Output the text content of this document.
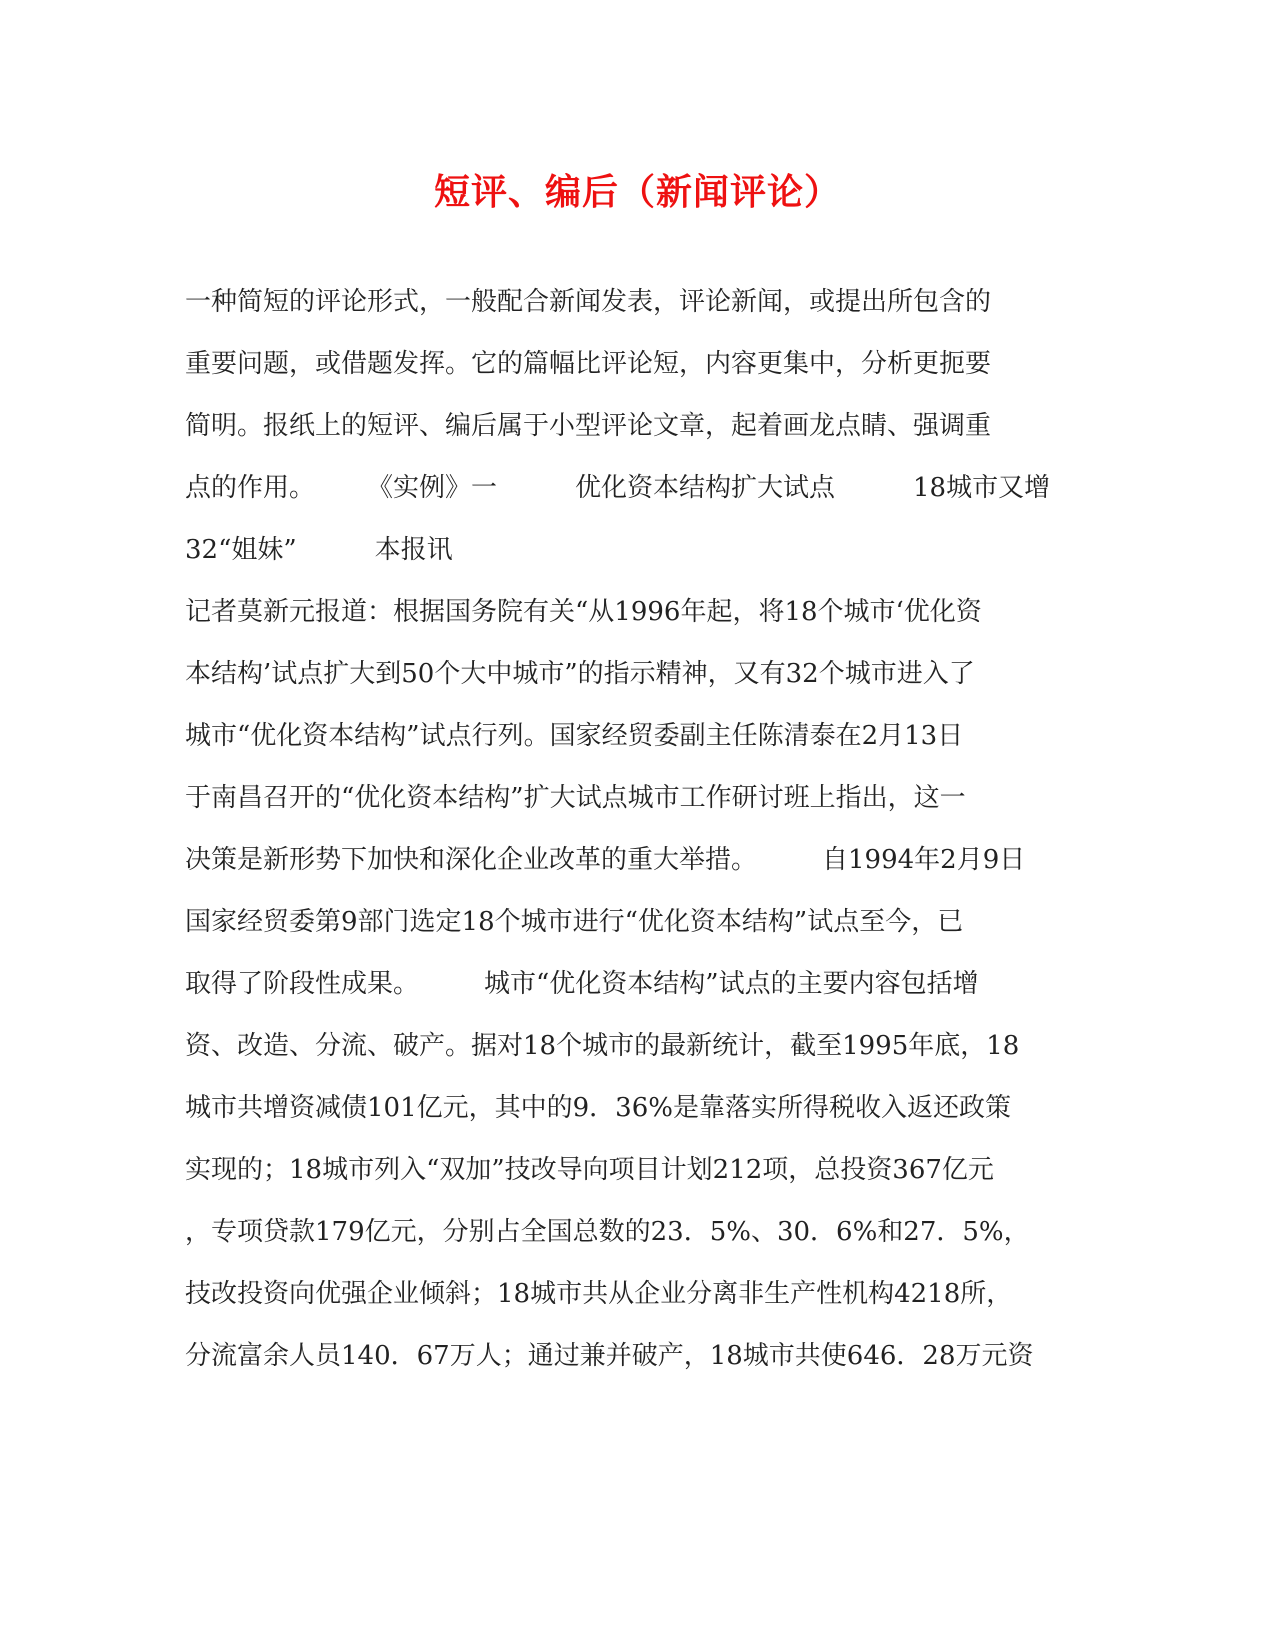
短评、编后（新闻评论）
一种简短的评论形式，一般配合新闻发表，评论新闻，或提出所包含的
重要问题，或借题发挥。它的篇幅比评论短，内容更集中，分析更扼要
简明。报纸上的短评、编后属于小型评论文章，起着画龙点睛、强调重
点的作用。　　　《实例》一　　　优化资本结构扩大试点　　　18城市又增
32“姐妹”　　　本报讯
记者莫新元报道：根据国务院有关“从1996年起，将18个城市‘优化资
本结构’试点扩大到50个大中城市”的指示精神，又有32个城市进入了
城市“优化资本结构”试点行列。国家经贸委副主任陈清泰在2月13日
于南昌召开的“优化资本结构”扩大试点城市工作研讨班上指出，这一
决策是新形势下加快和深化企业改革的重大举措。　　　自1994年2月9日
国家经贸委第9部门选定18个城市进行“优化资本结构”试点至今，已
取得了阶段性成果。　　　城市“优化资本结构”试点的主要内容包括增
资、改造、分流、破产。据对18个城市的最新统计，截至1995年底，18
城市共增资减债101亿元，其中的9．36%是靠落实所得税收入返还政策
实现的；18城市列入“双加”技改导向项目计划212项，总投资367亿元
，专项贷款179亿元，分别占全国总数的23．5%、30．6%和27．5%，
技改投资向优强企业倾斜；18城市共从企业分离非生产性机构4218所，
分流富余人员140．67万人；通过兼并破产，18城市共使646．28万元资
